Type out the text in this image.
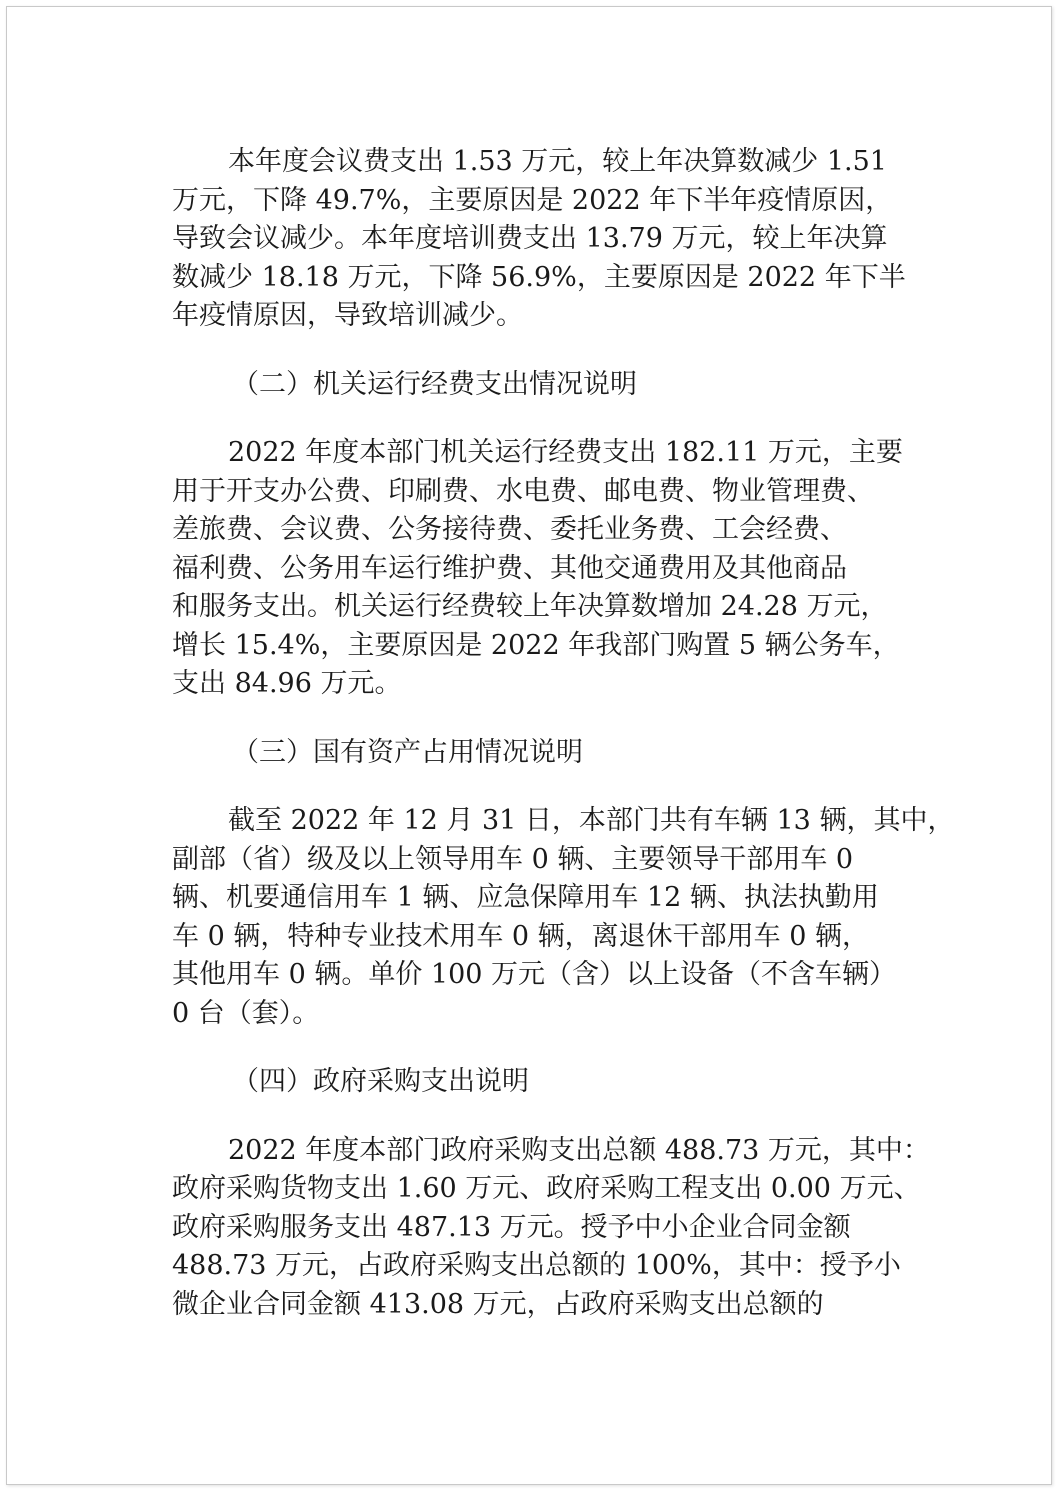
本年度会议费支出 1.53 万元，较上年决算数减少 1.51
万元，下降 49.7%，主要原因是 2022 年下半年疫情原因，
导致会议减少。本年度培训费支出 13.79 万元，较上年决算
数减少 18.18 万元，下降 56.9%，主要原因是 2022 年下半
年疫情原因，导致培训减少。
（二）机关运行经费支出情况说明
2022 年度本部门机关运行经费支出 182.11 万元，主要
用于开支办公费、印刷费、水电费、邮电费、物业管理费、
差旅费、会议费、公务接待费、委托业务费、工会经费、
福利费、公务用车运行维护费、其他交通费用及其他商品
和服务支出。机关运行经费较上年决算数增加 24.28 万元，
增长 15.4%，主要原因是 2022 年我部门购置 5 辆公务车，
支出 84.96 万元。
（三）国有资产占用情况说明
截至 2022 年 12 月 31 日，本部门共有车辆 13 辆，其中，
副部（省）级及以上领导用车 0 辆、主要领导干部用车 0
辆、机要通信用车 1 辆、应急保障用车 12 辆、执法执勤用
车 0 辆，特种专业技术用车 0 辆，离退休干部用车 0 辆，
其他用车 0 辆。单价 100 万元（含）以上设备（不含车辆）
0 台（套）。
（四）政府采购支出说明
2022 年度本部门政府采购支出总额 488.73 万元，其中：
政府采购货物支出 1.60 万元、政府采购工程支出 0.00 万元、
政府采购服务支出 487.13 万元。授予中小企业合同金额
488.73 万元，占政府采购支出总额的 100%，其中：授予小
微企业合同金额 413.08 万元，占政府采购支出总额的
